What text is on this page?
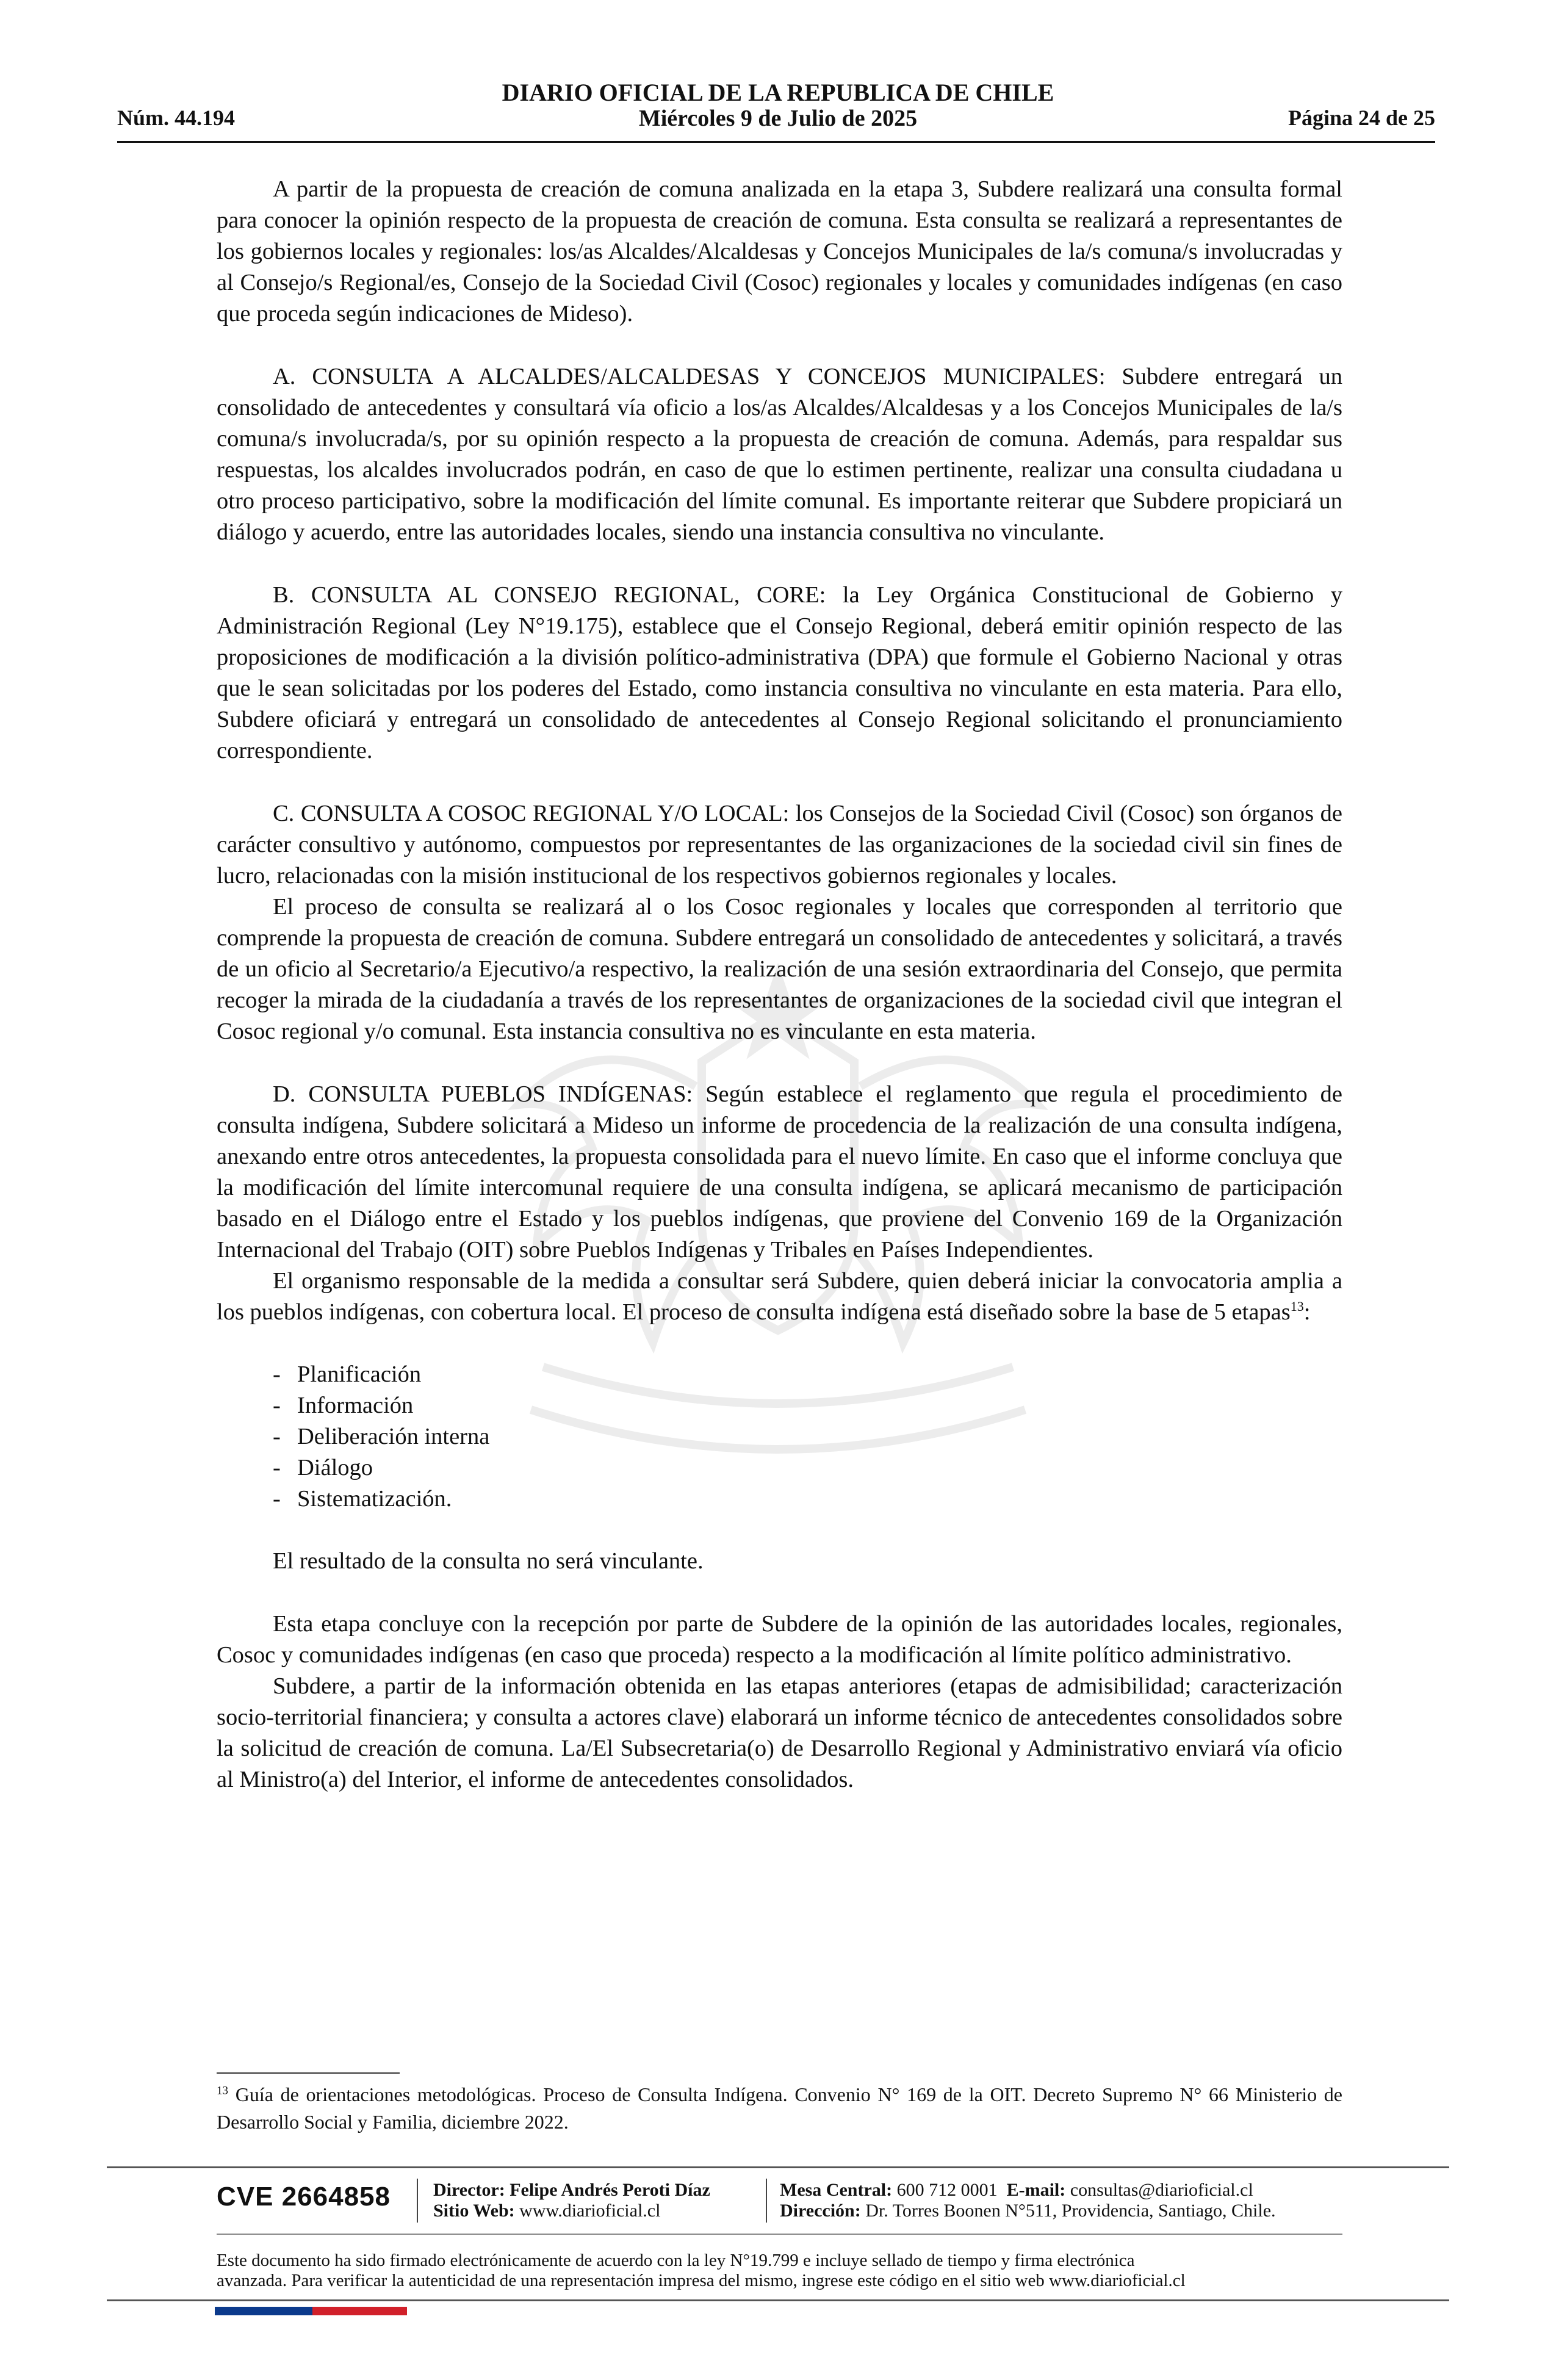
DIARIO OFICIAL DE LA REPUBLICA DE CHILE
Núm. 44.194	Miércoles 9 de Julio de 2025	Página 24 de 25

A partir de la propuesta de creación de comuna analizada en la etapa 3, Subdere realizará una consulta formal para conocer la opinión respecto de la propuesta de creación de comuna. Esta consulta se realizará a representantes de los gobiernos locales y regionales: los/as Alcaldes/Alcaldesas y Concejos Municipales de la/s comuna/s involucradas y al Consejo/s Regional/es, Consejo de la Sociedad Civil (Cosoc) regionales y locales y comunidades indígenas (en caso que proceda según indicaciones de Mideso).

A. CONSULTA A ALCALDES/ALCALDESAS Y CONCEJOS MUNICIPALES: Subdere entregará un consolidado de antecedentes y consultará vía oficio a los/as Alcaldes/Alcaldesas y a los Concejos Municipales de la/s comuna/s involucrada/s, por su opinión respecto a la propuesta de creación de comuna. Además, para respaldar sus respuestas, los alcaldes involucrados podrán, en caso de que lo estimen pertinente, realizar una consulta ciudadana u otro proceso participativo, sobre la modificación del límite comunal. Es importante reiterar que Subdere propiciará un diálogo y acuerdo, entre las autoridades locales, siendo una instancia consultiva no vinculante.

B. CONSULTA AL CONSEJO REGIONAL, CORE: la Ley Orgánica Constitucional de Gobierno y Administración Regional (Ley N°19.175), establece que el Consejo Regional, deberá emitir opinión respecto de las proposiciones de modificación a la división político-administrativa (DPA) que formule el Gobierno Nacional y otras que le sean solicitadas por los poderes del Estado, como instancia consultiva no vinculante en esta materia. Para ello, Subdere oficiará y entregará un consolidado de antecedentes al Consejo Regional solicitando el pronunciamiento correspondiente.

C. CONSULTA A COSOC REGIONAL Y/O LOCAL: los Consejos de la Sociedad Civil (Cosoc) son órganos de carácter consultivo y autónomo, compuestos por representantes de las organizaciones de la sociedad civil sin fines de lucro, relacionadas con la misión institucional de los respectivos gobiernos regionales y locales.

El proceso de consulta se realizará al o los Cosoc regionales y locales que corresponden al territorio que comprende la propuesta de creación de comuna. Subdere entregará un consolidado de antecedentes y solicitará, a través de un oficio al Secretario/a Ejecutivo/a respectivo, la realización de una sesión extraordinaria del Consejo, que permita recoger la mirada de la ciudadanía a través de los representantes de organizaciones de la sociedad civil que integran el Cosoc regional y/o comunal. Esta instancia consultiva no es vinculante en esta materia.

D. CONSULTA PUEBLOS INDÍGENAS: Según establece el reglamento que regula el procedimiento de consulta indígena, Subdere solicitará a Mideso un informe de procedencia de la realización de una consulta indígena, anexando entre otros antecedentes, la propuesta consolidada para el nuevo límite. En caso que el informe concluya que la modificación del límite intercomunal requiere de una consulta indígena, se aplicará mecanismo de participación basado en el Diálogo entre el Estado y los pueblos indígenas, que proviene del Convenio 169 de la Organización Internacional del Trabajo (OIT) sobre Pueblos Indígenas y Tribales en Países Independientes.

El organismo responsable de la medida a consultar será Subdere, quien deberá iniciar la convocatoria amplia a los pueblos indígenas, con cobertura local. El proceso de consulta indígena está diseñado sobre la base de 5 etapas$^{13}$:

- Planificación
- Información
- Deliberación interna
- Diálogo
- Sistematización.

El resultado de la consulta no será vinculante.

Esta etapa concluye con la recepción por parte de Subdere de la opinión de las autoridades locales, regionales, Cosoc y comunidades indígenas (en caso que proceda) respecto a la modificación al límite político administrativo.

Subdere, a partir de la información obtenida en las etapas anteriores (etapas de admisibilidad; caracterización socio-territorial financiera; y consulta a actores clave) elaborará un informe técnico de antecedentes consolidados sobre la solicitud de creación de comuna. La/El Subsecretaria(o) de Desarrollo Regional y Administrativo enviará vía oficio al Ministro(a) del Interior, el informe de antecedentes consolidados.

$^{13}$ Guía de orientaciones metodológicas. Proceso de Consulta Indígena. Convenio N° 169 de la OIT. Decreto Supremo N° 66 Ministerio de Desarrollo Social y Familia, diciembre 2022.
CVE 2664858 Director: Felipe Andrés Peroti Díaz
Sitio Web: www.diarioficial.cl
Mesa Central: 600 712 0001 E-mail: consultas@diarioficial.cl
Dirección: Dr. Torres Boonen N°511, Providencia, Santiago, Chile.
Este documento ha sido firmado electrónicamente de acuerdo con la ley N°19.799 e incluye sellado de tiempo y firma electrónica
avanzada. Para verificar la autenticidad de una representación impresa del mismo, ingrese este código en el sitio web www.diarioficial.cl
